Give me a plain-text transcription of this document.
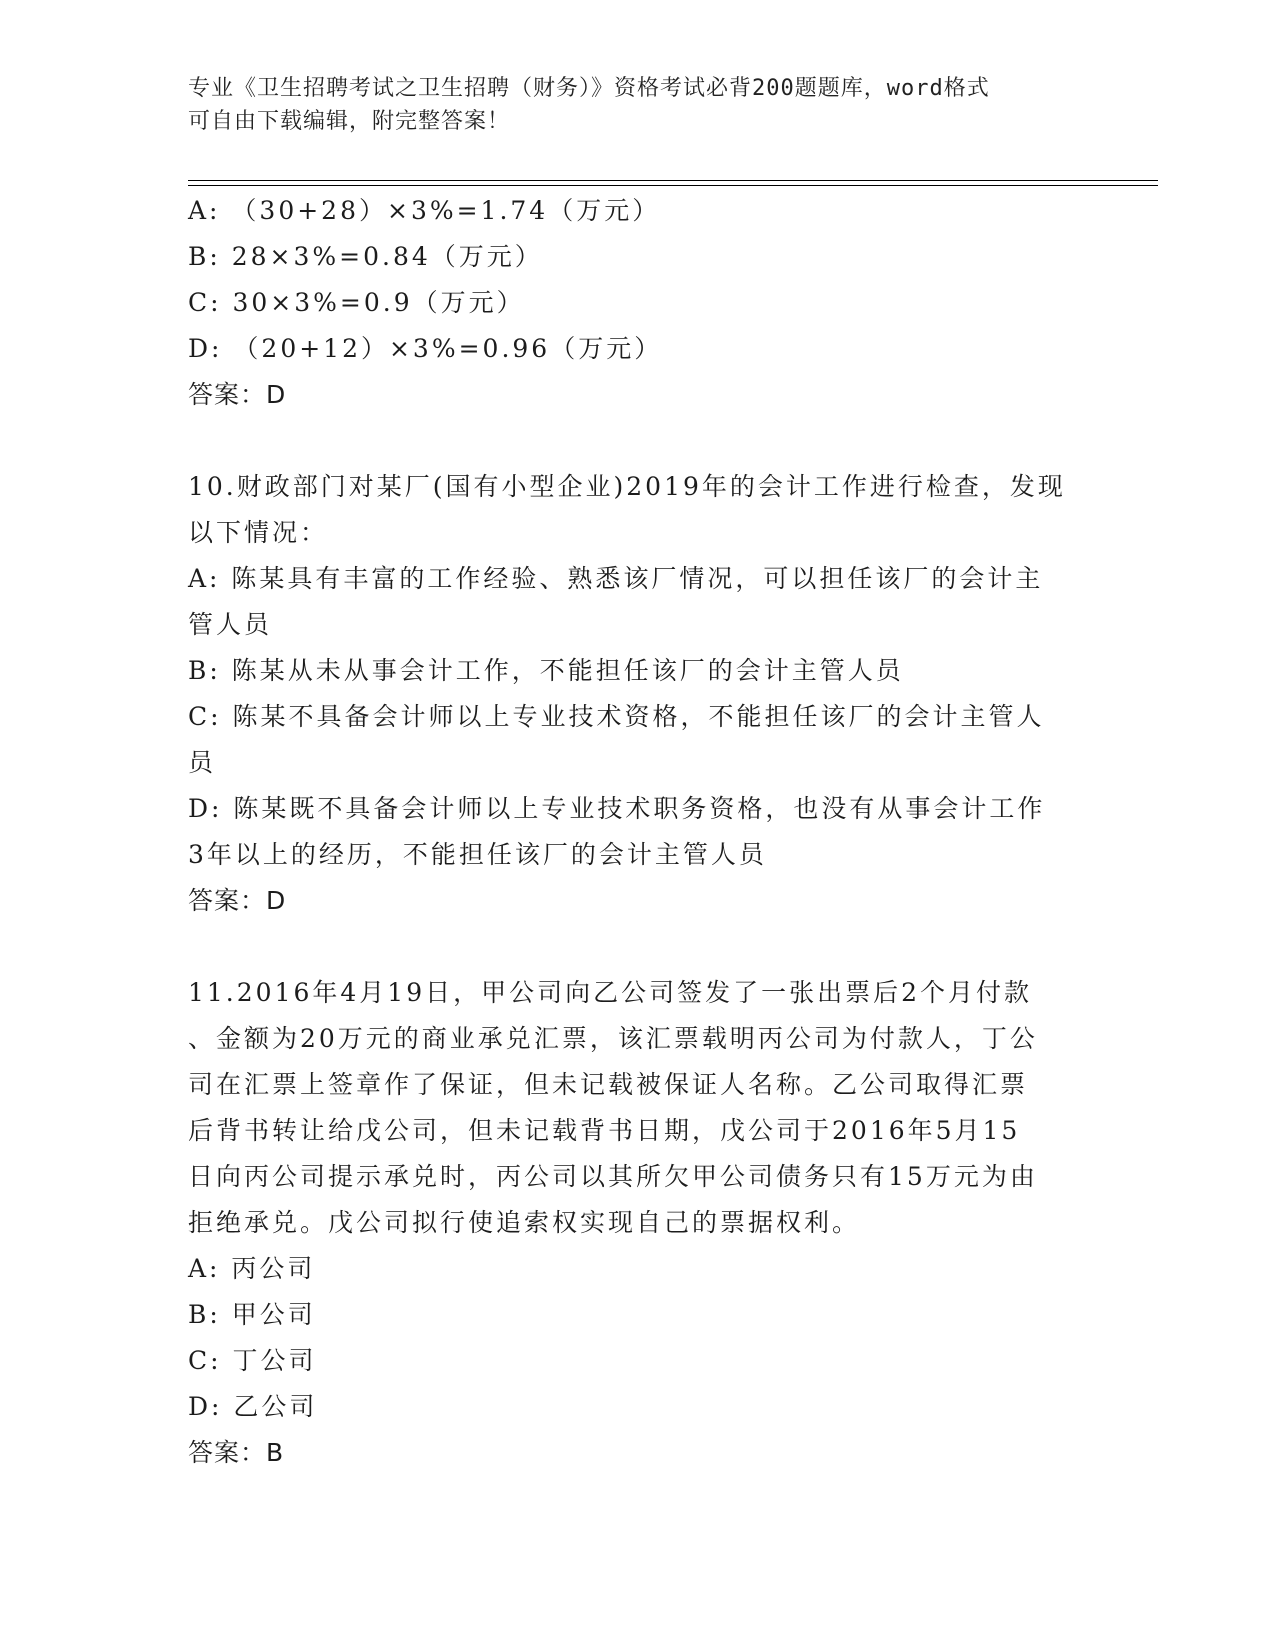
专业《卫生招聘考试之卫生招聘（财务）》资格考试必背200题题库，word格式
可自由下载编辑，附完整答案！
A: （30+28）×3%=1.74（万元）
B: 28×3%=0.84（万元）
C: 30×3%=0.9（万元）
D: （20+12）×3%=0.96（万元）
答案：D
10.财政部门对某厂(国有小型企业)2019年的会计工作进行检查，发现
以下情况：
A: 陈某具有丰富的工作经验、熟悉该厂情况，可以担任该厂的会计主
管人员
B: 陈某从未从事会计工作，不能担任该厂的会计主管人员
C: 陈某不具备会计师以上专业技术资格，不能担任该厂的会计主管人
员
D: 陈某既不具备会计师以上专业技术职务资格，也没有从事会计工作
3年以上的经历，不能担任该厂的会计主管人员
答案：D
11.2016年4月19日，甲公司向乙公司签发了一张出票后2个月付款
、金额为20万元的商业承兑汇票，该汇票载明丙公司为付款人，丁公
司在汇票上签章作了保证，但未记载被保证人名称。乙公司取得汇票
后背书转让给戊公司，但未记载背书日期，戊公司于2016年5月15
日向丙公司提示承兑时，丙公司以其所欠甲公司债务只有15万元为由
拒绝承兑。戊公司拟行使追索权实现自己的票据权利。
A: 丙公司
B: 甲公司
C: 丁公司
D: 乙公司
答案：B
